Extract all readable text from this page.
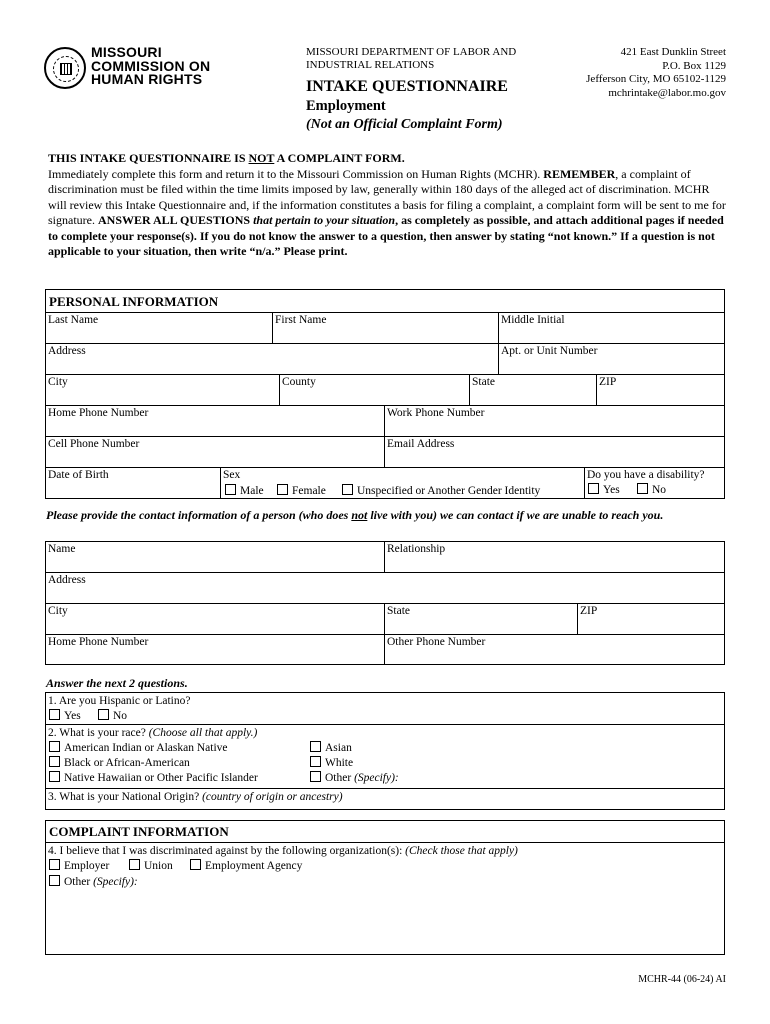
MISSOURI
COMMISSION ON
HUMAN RIGHTS
MISSOURI DEPARTMENT OF LABOR AND
INDUSTRIAL RELATIONS
INTAKE QUESTIONNAIRE
Employment
(Not an Official Complaint Form)
421 East Dunklin Street
P.O. Box 1129
Jefferson City, MO 65102-1129
mchrintake@labor.mo.gov
THIS INTAKE QUESTIONNAIRE IS NOT A COMPLAINT FORM.
Immediately complete this form and return it to the Missouri Commission on Human Rights (MCHR). REMEMBER, a complaint of discrimination must be filed within the time limits imposed by law, generally within 180 days of the alleged act of discrimination. MCHR will review this Intake Questionnaire and, if the information constitutes a basis for filing a complaint, a complaint form will be sent to me for signature. ANSWER ALL QUESTIONS that pertain to your situation, as completely as possible, and attach additional pages if needed to complete your response(s). If you do not know the answer to a question, then answer by stating “not known.” If a question is not applicable to your situation, then write “n/a.” Please print.
PERSONAL INFORMATION
Last Name	First Name	Middle Initial
Address	Apt. or Unit Number
City	County	State	ZIP
Home Phone Number	Work Phone Number
Cell Phone Number	Email Address
Date of Birth	Sex
Male	Female	Unspecified or Another Gender Identity
Do you have a disability?
Yes	No
Please provide the contact information of a person (who does not live with you) we can contact if we are unable to reach you.
Name	Relationship
Address
City	State	ZIP
Home Phone Number	Other Phone Number
Answer the next 2 questions.
1. Are you Hispanic or Latino?
Yes	No
2. What is your race? (Choose all that apply.)
American Indian or Alaskan Native
Black or African-American
Native Hawaiian or Other Pacific Islander
Asian
White
Other (Specify):
3. What is your National Origin? (country of origin or ancestry)
COMPLAINT INFORMATION
4. I believe that I was discriminated against by the following organization(s): (Check those that apply)
Employer	Union	Employment Agency
Other (Specify):
MCHR-44 (06-24) AI
